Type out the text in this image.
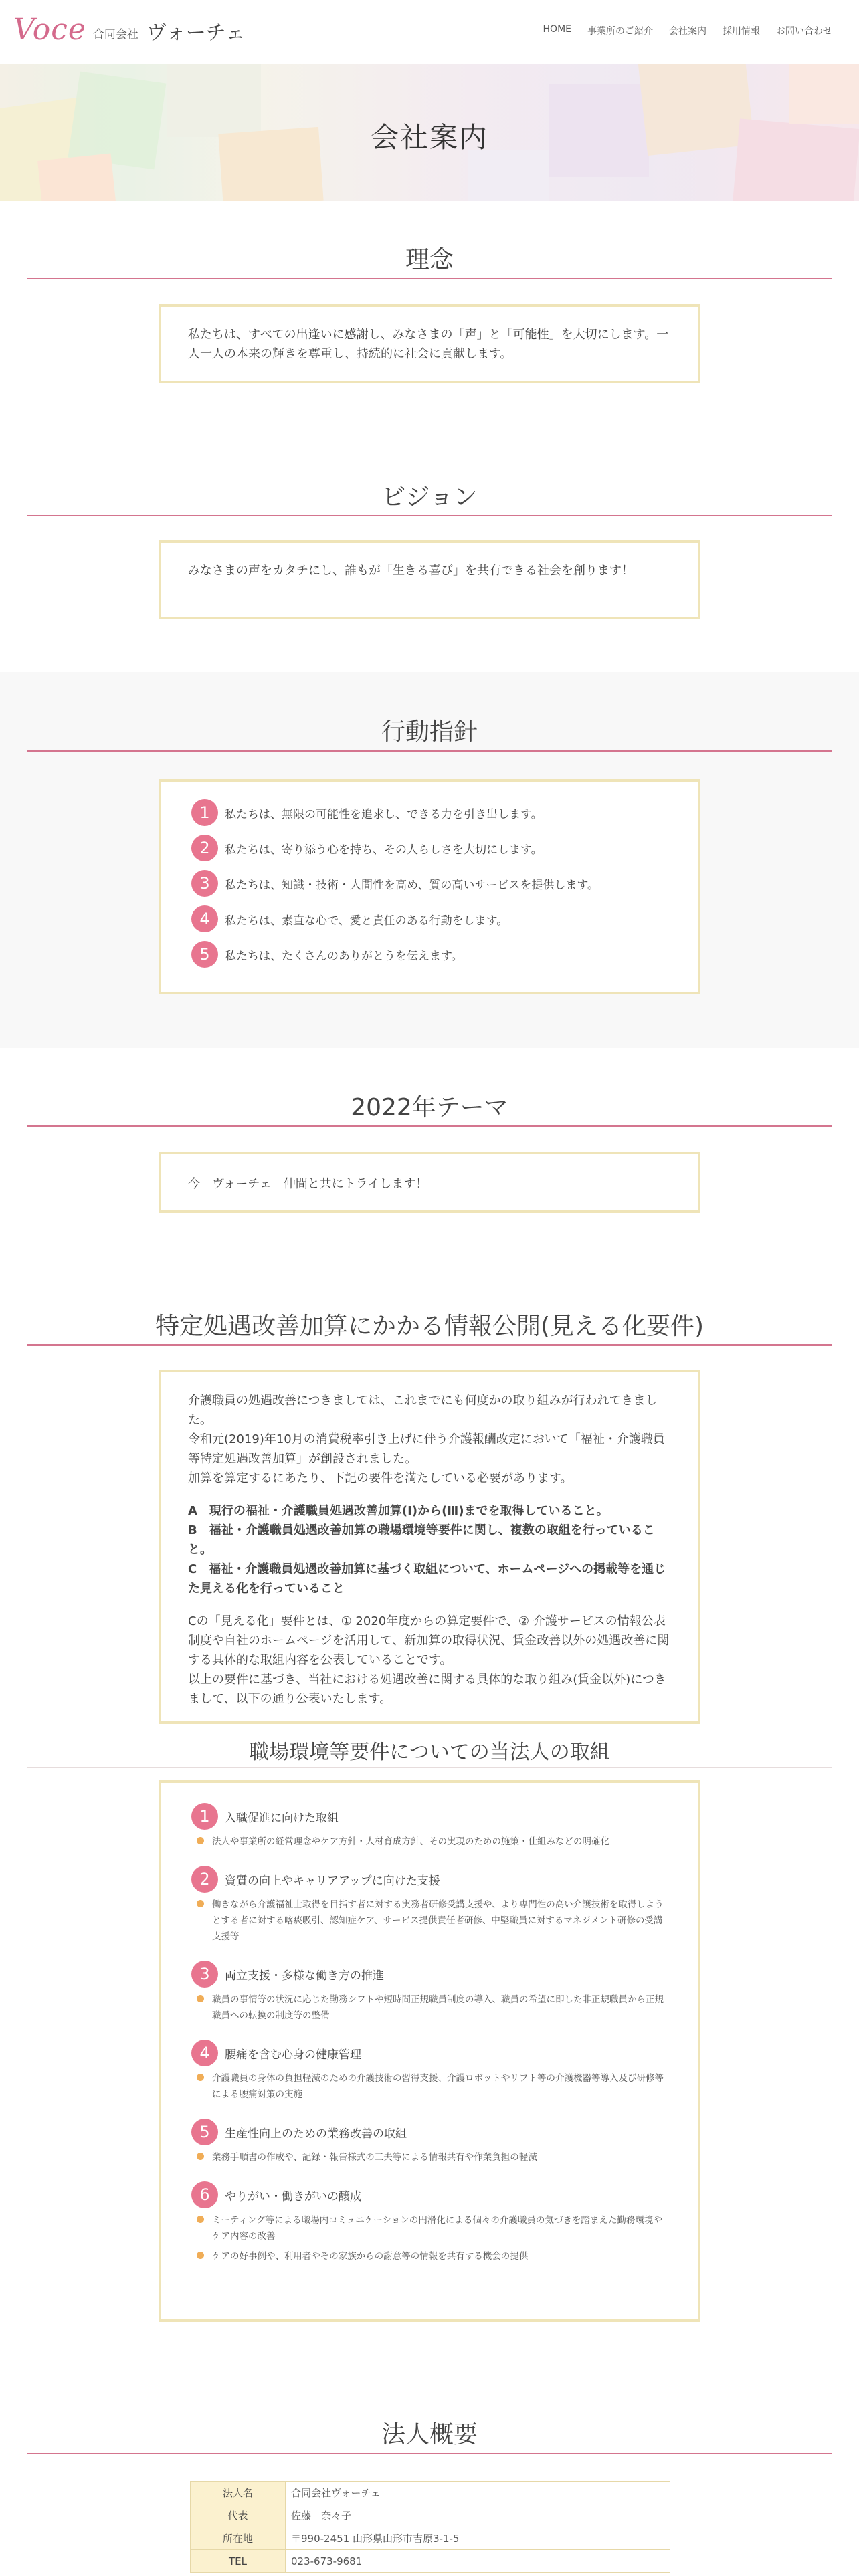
Voce 合同会社 ヴォーチェ	HOME 事業所のご紹介 会社案内 採用情報 お問い合わせ
会社案内
理念

私たちは、すべての出逢いに感謝し、みなさまの「声」と「可能性」を大切にします。一人一人の本来の輝きを尊重し、持続的に社会に貢献します。

ビジョン

みなさまの声をカタチにし、誰もが「生きる喜び」を共有できる社会を創ります！

行動指針
1	私たちは、無限の可能性を追求し、できる力を引き出します。
2	私たちは、寄り添う心を持ち、その人らしさを大切にします。
3	私たちは、知識・技術・人間性を高め、質の高いサービスを提供します。
4	私たちは、素直な心で、愛と責任のある行動をします。
5	私たちは、たくさんのありがとうを伝えます。
2022年テーマ

今　ヴォーチェ　仲間と共にトライします！

特定処遇改善加算にかかる情報公開(見える化要件)

介護職員の処遇改善につきましては、これまでにも何度かの取り組みが行われてきました。

令和元(2019)年10月の消費税率引き上げに伴う介護報酬改定において「福祉・介護職員等特定処遇改善加算」が創設されました。

加算を算定するにあたり、下記の要件を満たしている必要があります。

A　現行の福祉・介護職員処遇改善加算(Ⅰ)から(Ⅲ)までを取得していること。

B　福祉・介護職員処遇改善加算の職場環境等要件に関し、複数の取組を行っていること。

C　福祉・介護職員処遇改善加算に基づく取組について、ホームページへの掲載等を通じた見える化を行っていること

Cの「見える化」要件とは、① 2020年度からの算定要件で、② 介護サービスの情報公表制度や自社のホームページを活用して、新加算の取得状況、賃金改善以外の処遇改善に関する具体的な取組内容を公表していることです。

以上の要件に基づき、当社における処遇改善に関する具体的な取り組み(賃金以外)につきまして、以下の通り公表いたします。

職場環境等要件についての当法人の取組
1	入職促進に向けた取組
法人や事業所の経営理念やケア方針・人材育成方針、その実現のための施策・仕組みなどの明確化
2	資質の向上やキャリアアップに向けた支援
働きながら介護福祉士取得を目指す者に対する実務者研修受講支援や、より専門性の高い介護技術を取得しようとする者に対する喀痰吸引、認知症ケア、サービス提供責任者研修、中堅職員に対するマネジメント研修の受講支援等
3	両立支援・多様な働き方の推進
職員の事情等の状況に応じた勤務シフトや短時間正規職員制度の導入、職員の希望に即した非正規職員から正規職員への転換の制度等の整備
4	腰痛を含む心身の健康管理
介護職員の身体の負担軽減のための介護技術の習得支援、介護ロボットやリフト等の介護機器等導入及び研修等による腰痛対策の実施
5	生産性向上のための業務改善の取組
業務手順書の作成や、記録・報告様式の工夫等による情報共有や作業負担の軽減
6	やりがい・働きがいの醸成
ミーティング等による職場内コミュニケーションの円滑化による個々の介護職員の気づきを踏まえた勤務環境やケア内容の改善
ケアの好事例や、利用者やその家族からの謝意等の情報を共有する機会の提供
法人概要
法人名	合同会社ヴォーチェ
代表	佐藤　奈々子
所在地	〒990-2451 山形県山形市吉原3-1-5
TEL	023-673-9681
